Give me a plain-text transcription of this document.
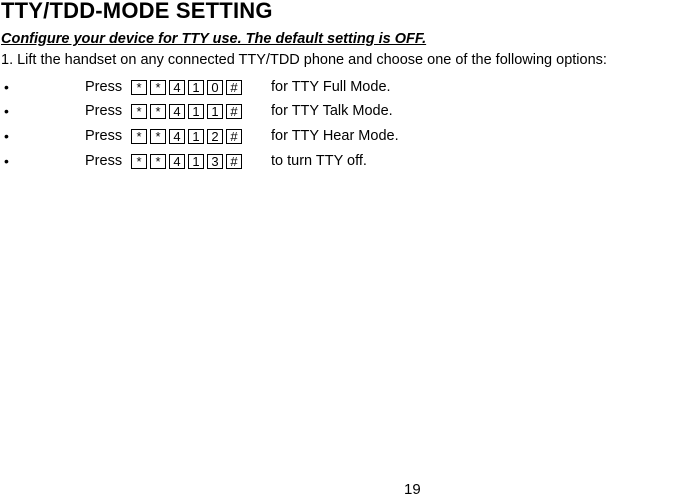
TTY/TDD-MODE SETTING
Configure your device for TTY use. The default setting is OFF.
1. Lift the handset on any connected TTY/TDD phone and choose one of the following options:
•	Press	*	* 4 1 0 #	for TTY Full Mode.
•	Press	*	* 4 1 1 #	for TTY Talk Mode.
•	Press	*	* 4 1 2 #	for TTY Hear Mode.
•	Press	*	* 4 1 3 #	to turn TTY off.
19
